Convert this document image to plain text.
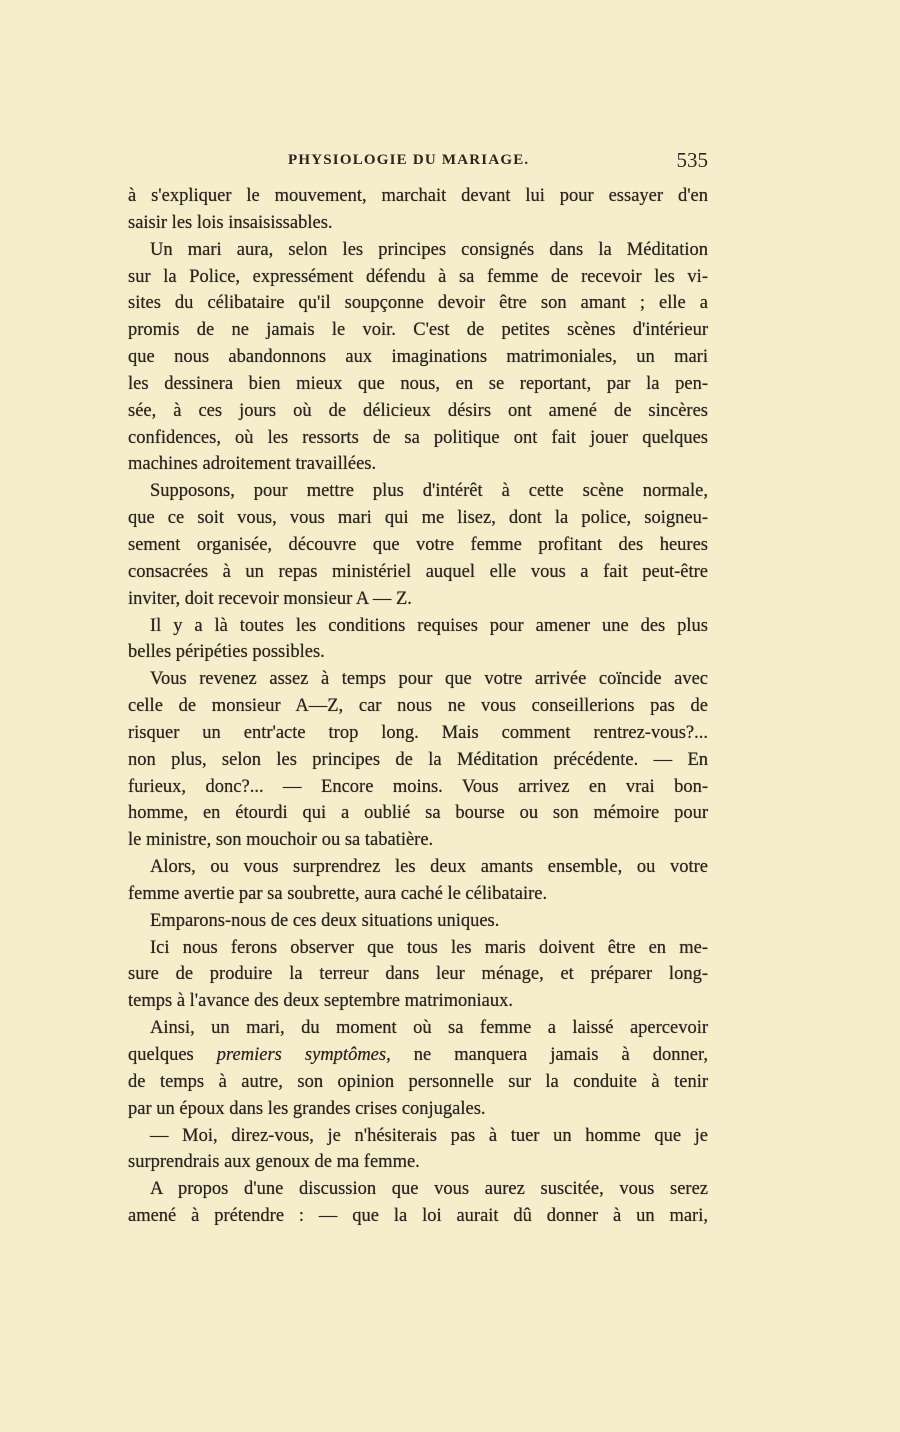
PHYSIOLOGIE DU MARIAGE.	535
à s'expliquer le mouvement, marchait devant lui pour essayer d'en
saisir les lois insaisissables.
Un mari aura, selon les principes consignés dans la Méditation
sur la Police, expressément défendu à sa femme de recevoir les vi-
sites du célibataire qu'il soupçonne devoir être son amant ; elle a
promis de ne jamais le voir. C'est de petites scènes d'intérieur
que nous abandonnons aux imaginations matrimoniales, un mari
les dessinera bien mieux que nous, en se reportant, par la pen-
sée, à ces jours où de délicieux désirs ont amené de sincères
confidences, où les ressorts de sa politique ont fait jouer quelques
machines adroitement travaillées.
Supposons, pour mettre plus d'intérêt à cette scène normale,
que ce soit vous, vous mari qui me lisez, dont la police, soigneu-
sement organisée, découvre que votre femme profitant des heures
consacrées à un repas ministériel auquel elle vous a fait peut-être
inviter, doit recevoir monsieur A — Z.
Il y a là toutes les conditions requises pour amener une des plus
belles péripéties possibles.
Vous revenez assez à temps pour que votre arrivée coïncide avec
celle de monsieur A—Z, car nous ne vous conseillerions pas de
risquer un entr'acte trop long. Mais comment rentrez-vous?...
non plus, selon les principes de la Méditation précédente. — En
furieux, donc?... — Encore moins. Vous arrivez en vrai bon-
homme, en étourdi qui a oublié sa bourse ou son mémoire pour
le ministre, son mouchoir ou sa tabatière.
Alors, ou vous surprendrez les deux amants ensemble, ou votre
femme avertie par sa soubrette, aura caché le célibataire.
Emparons-nous de ces deux situations uniques.
Ici nous ferons observer que tous les maris doivent être en me-
sure de produire la terreur dans leur ménage, et préparer long-
temps à l'avance des deux septembre matrimoniaux.
Ainsi, un mari, du moment où sa femme a laissé apercevoir
quelques premiers symptômes, ne manquera jamais à donner,
de temps à autre, son opinion personnelle sur la conduite à tenir
par un époux dans les grandes crises conjugales.
— Moi, direz-vous, je n'hésiterais pas à tuer un homme que je
surprendrais aux genoux de ma femme.
A propos d'une discussion que vous aurez suscitée, vous serez
amené à prétendre : — que la loi aurait dû donner à un mari,
